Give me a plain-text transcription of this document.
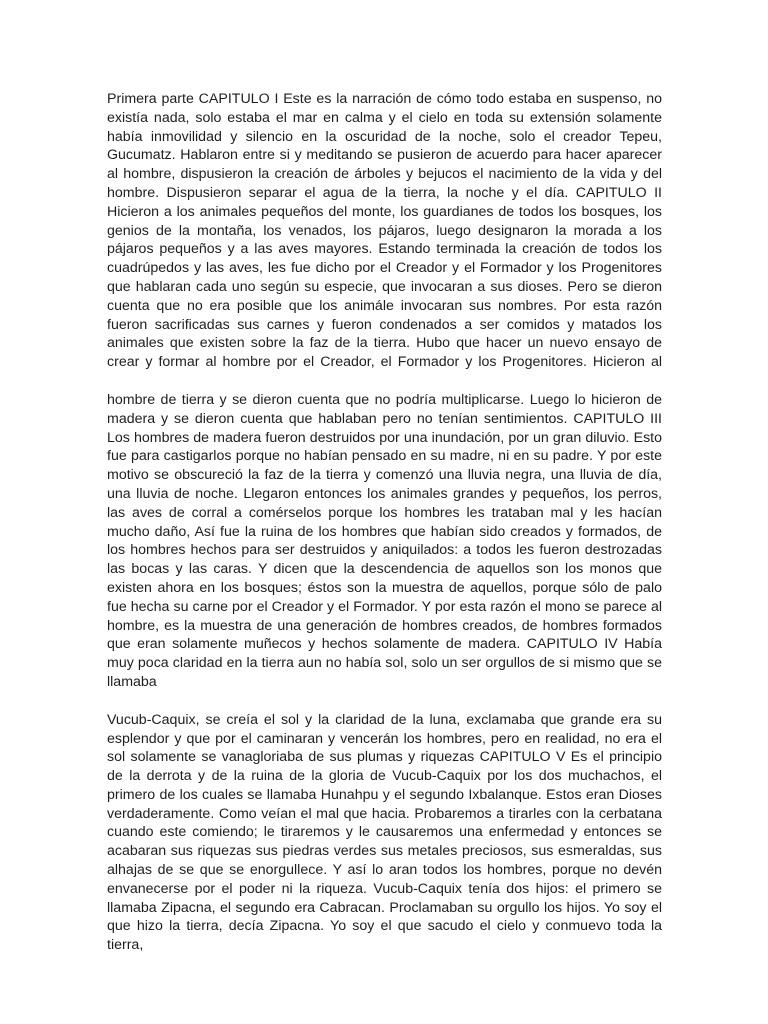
Primera parte CAPITULO I Este es la narración de cómo todo estaba en suspenso, no existía nada, solo estaba el mar en calma y el cielo en toda su extensión solamente había inmovilidad y silencio en la oscuridad de la noche, solo el creador Tepeu, Gucumatz. Hablaron entre si y meditando se pusieron de acuerdo para hacer aparecer al hombre, dispusieron la creación de árboles y bejucos el nacimiento de la vida y del hombre. Dispusieron separar el agua de la tierra, la noche y el día. CAPITULO II Hicieron a los animales pequeños del monte, los guardianes de todos los bosques, los genios de la montaña, los venados, los pájaros, luego designaron la morada a los pájaros pequeños y a las aves mayores. Estando terminada la creación de todos los cuadrúpedos y las aves, les fue dicho por el Creador y el Formador y los Progenitores que hablaran cada uno según su especie, que invocaran a sus dioses. Pero se dieron cuenta que no era posible que los animále invocaran sus nombres. Por esta razón fueron sacrificadas sus carnes y fueron condenados a ser comidos y matados los animales que existen sobre la faz de la tierra. Hubo que hacer un nuevo ensayo de crear y formar al hombre por el Creador, el Formador y los Progenitores. Hicieron al

hombre de tierra y se dieron cuenta que no podría multiplicarse. Luego lo hicieron de madera y se dieron cuenta que hablaban pero no tenían sentimientos. CAPITULO III Los hombres de madera fueron destruidos por una inundación, por un gran diluvio. Esto fue para castigarlos porque no habían pensado en su madre, ni en su padre. Y por este motivo se obscureció la faz de la tierra y comenzó una lluvia negra, una lluvia de día, una lluvia de noche. Llegaron entonces los animales grandes y pequeños, los perros, las aves de corral a comérselos porque los hombres les trataban mal y les hacían mucho daño, Así fue la ruina de los hombres que habían sido creados y formados, de los hombres hechos para ser destruidos y aniquilados: a todos les fueron destrozadas las bocas y las caras. Y dicen que la descendencia de aquellos son los monos que existen ahora en los bosques; éstos son la muestra de aquellos, porque sólo de palo fue hecha su carne por el Creador y el Formador. Y por esta razón el mono se parece al hombre, es la muestra de una generación de hombres creados, de hombres formados que eran solamente muñecos y hechos solamente de madera. CAPITULO IV Había muy poca claridad en la tierra aun no había sol, solo un ser orgullos de si mismo que se llamaba

Vucub-Caquix, se creía el sol y la claridad de la luna, exclamaba que grande era su esplendor y que por el caminaran y vencerán los hombres, pero en realidad, no era el sol solamente se vanagloriaba de sus plumas y riquezas CAPITULO V Es el principio de la derrota y de la ruina de la gloria de Vucub-Caquix por los dos muchachos, el primero de los cuales se llamaba Hunahpu y el segundo Ixbalanque. Estos eran Dioses verdaderamente. Como veían el mal que hacia. Probaremos a tirarles con la cerbatana cuando este comiendo; le tiraremos y le causaremos una enfermedad y entonces se acabaran sus riquezas sus piedras verdes sus metales preciosos, sus esmeraldas, sus alhajas de se que se enorgullece. Y así lo aran todos los hombres, porque no devén envanecerse por el poder ni la riqueza. Vucub-Caquix tenía dos hijos: el primero se llamaba Zipacna, el segundo era Cabracan. Proclamaban su orgullo los hijos. Yo soy el que hizo la tierra, decía Zipacna. Yo soy el que sacudo el cielo y conmuevo toda la tierra,
